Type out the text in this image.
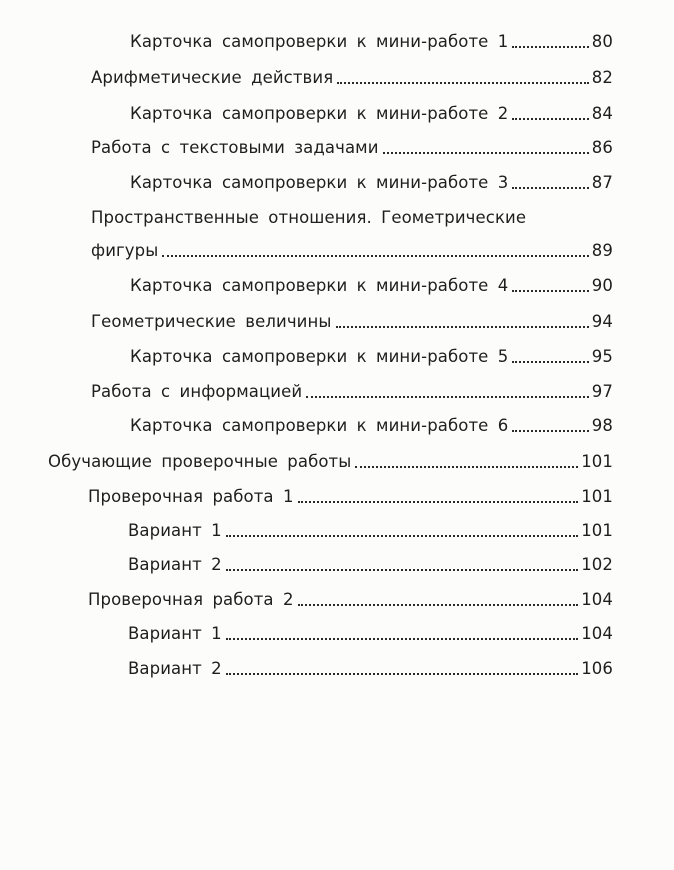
Карточка самопроверки к мини-работе 1	80
Арифметические действия	82
Карточка самопроверки к мини-работе 2	84
Работа с текстовыми задачами	86
Карточка самопроверки к мини-работе 3	87
Пространственные отношения. Геометрические
фигуры	89
Карточка самопроверки к мини-работе 4	90
Геометрические величины	94
Карточка самопроверки к мини-работе 5	95
Работа с информацией	97
Карточка самопроверки к мини-работе 6	98
Обучающие проверочные работы	101
Проверочная работа 1	101
Вариант 1	101
Вариант 2	102
Проверочная работа 2	104
Вариант 1	104
Вариант 2	106
